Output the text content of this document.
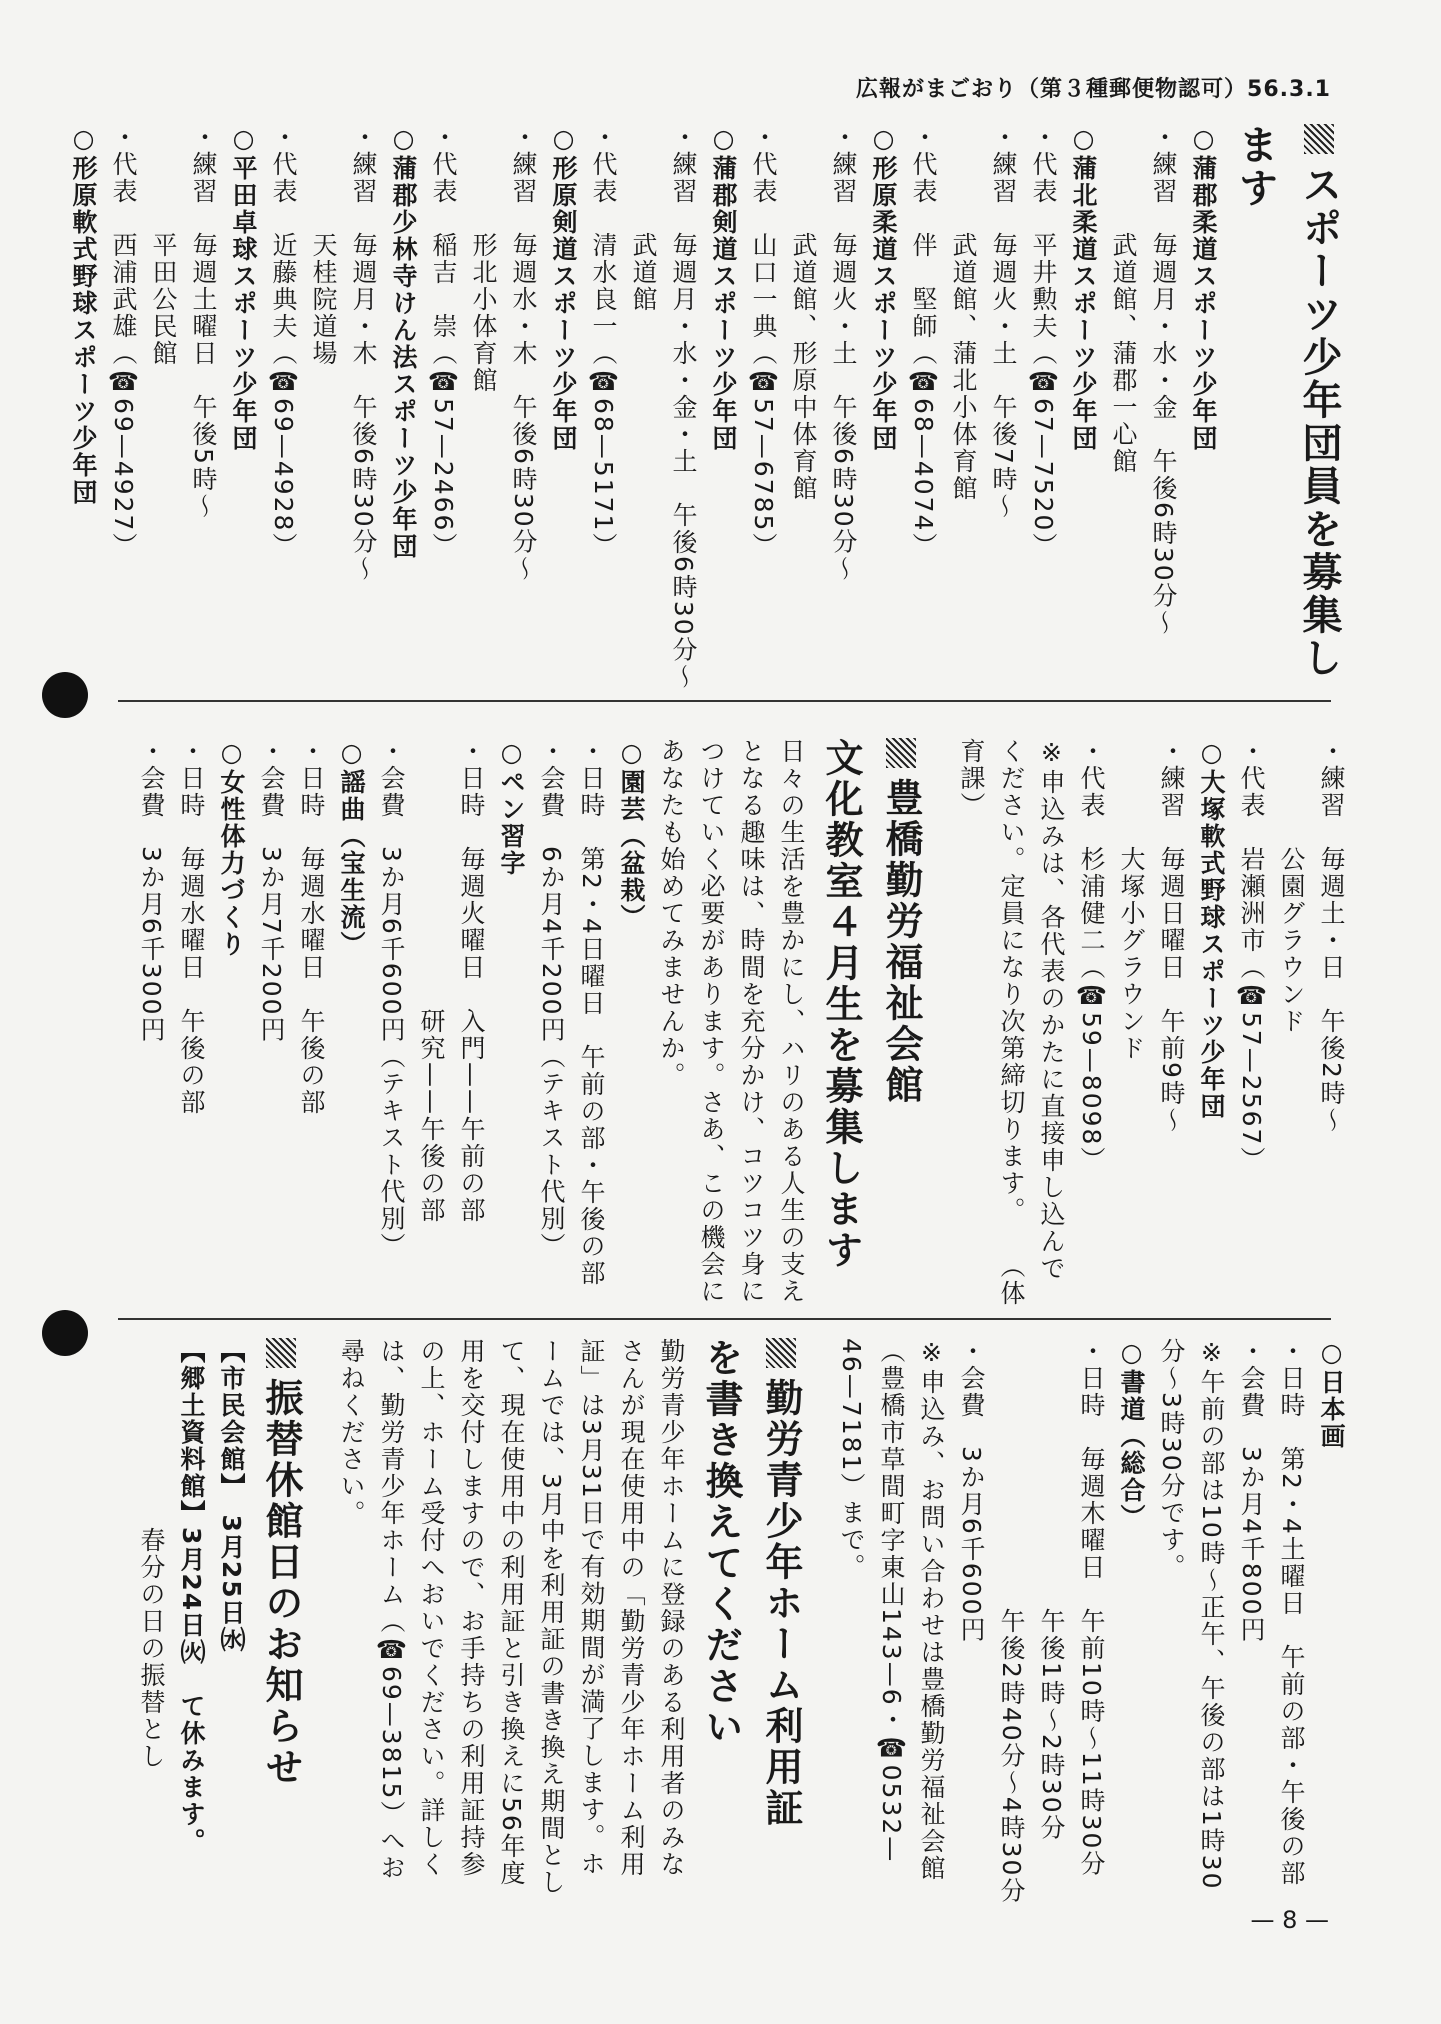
広報がまごおり（第３種郵便物認可）56.3.1

スポーツ少年団員を募集します

○蒲郡柔道スポーツ少年団

・練習　毎週月・水・金　午後6時30分〜

　　　　武道館、蒲郡一心館

○蒲北柔道スポーツ少年団

・代表　平井勲夫（☎67—7520）

・練習　毎週火・土　午後7時〜

　　　　武道館、蒲北小体育館

・代表　伴　堅師（☎68—4074）

○形原柔道スポーツ少年団

・練習　毎週火・土　午後6時30分〜

　　　　武道館、形原中体育館

・代表　山口一典（☎57—6785）

○蒲郡剣道スポーツ少年団

・練習　毎週月・水・金・土　午後6時30分〜

　　　　武道館

・代表　清水良一（☎68—5171）

○形原剣道スポーツ少年団

・練習　毎週水・木　午後6時30分〜

　　　　形北小体育館

・代表　稲吉　崇（☎57—2466）

○蒲郡少林寺けん法スポーツ少年団

・練習　毎週月・木　午後6時30分〜

　　　　天桂院道場

・代表　近藤典夫（☎69—4928）

○平田卓球スポーツ少年団

・練習　毎週土曜日　午後5時〜

　　　　平田公民館

・代表　西浦武雄（☎69—4927）

○形原軟式野球スポーツ少年団

・練習　毎週土・日　午後2時〜

　　　　公園グラウンド

・代表　岩瀬洲市（☎57—2567）

○大塚軟式野球スポーツ少年団

・練習　毎週日曜日　午前9時〜

　　　　大塚小グラウンド

・代表　杉浦健二（☎59—8098）

※申込みは、各代表のかたに直接申し込んでください。定員になり次第締切ります。　　（体育課）

豊橋勤労福祉会館

文化教室４月生を募集します

日々の生活を豊かにし、ハリのある人生の支えとなる趣味は、時間を充分かけ、コツコツ身につけていく必要があります。さあ、この機会にあなたも始めてみませんか。

○園芸（盆栽）

・日時　第2・4日曜日　午前の部・午後の部

・会費　6か月4千200円（テキスト代別）

○ペン習字

・日時　毎週火曜日　入門——午前の部

　　　　　　　　　　研究——午後の部

・会費　3か月6千600円（テキスト代別）

○謡曲（宝生流）

・日時　毎週水曜日　午後の部

・会費　3か月7千200円

○女性体力づくり

・日時　毎週水曜日　午後の部

・会費　3か月6千300円

○日本画

・日時　第2・4土曜日　午前の部・午後の部

・会費　3か月4千800円

※午前の部は10時〜正午、午後の部は1時30分〜3時30分です。

○書道（総合）

・日時　毎週木曜日　午前10時〜11時30分

　　　　　　　　　　午後1時〜2時30分

　　　　　　　　　　午後2時40分〜4時30分

・会費　3か月6千600円

※申込み、お問い合わせは豊橋勤労福祉会館（豊橋市草間町字東山143—6・☎0532—46—7181）まで。

勤労青少年ホーム利用証

を書き換えてください

勤労青少年ホームに登録のある利用者のみなさんが現在使用中の「勤労青少年ホーム利用証」は3月31日で有効期間が満了します。ホームでは、3月中を利用証の書き換え期間として、現在使用中の利用証と引き換えに56年度用を交付しますので、お手持ちの利用証持参の上、ホーム受付へおいでください。詳しくは、勤労青少年ホーム（☎69—3815）へお尋ねください。

振替休館日のお知らせ

【市民会館】　3月25日㈬

【郷土資料館】3月24日㈫　て休みます。

　　　　　　　春分の日の振替とし

— 8 —
